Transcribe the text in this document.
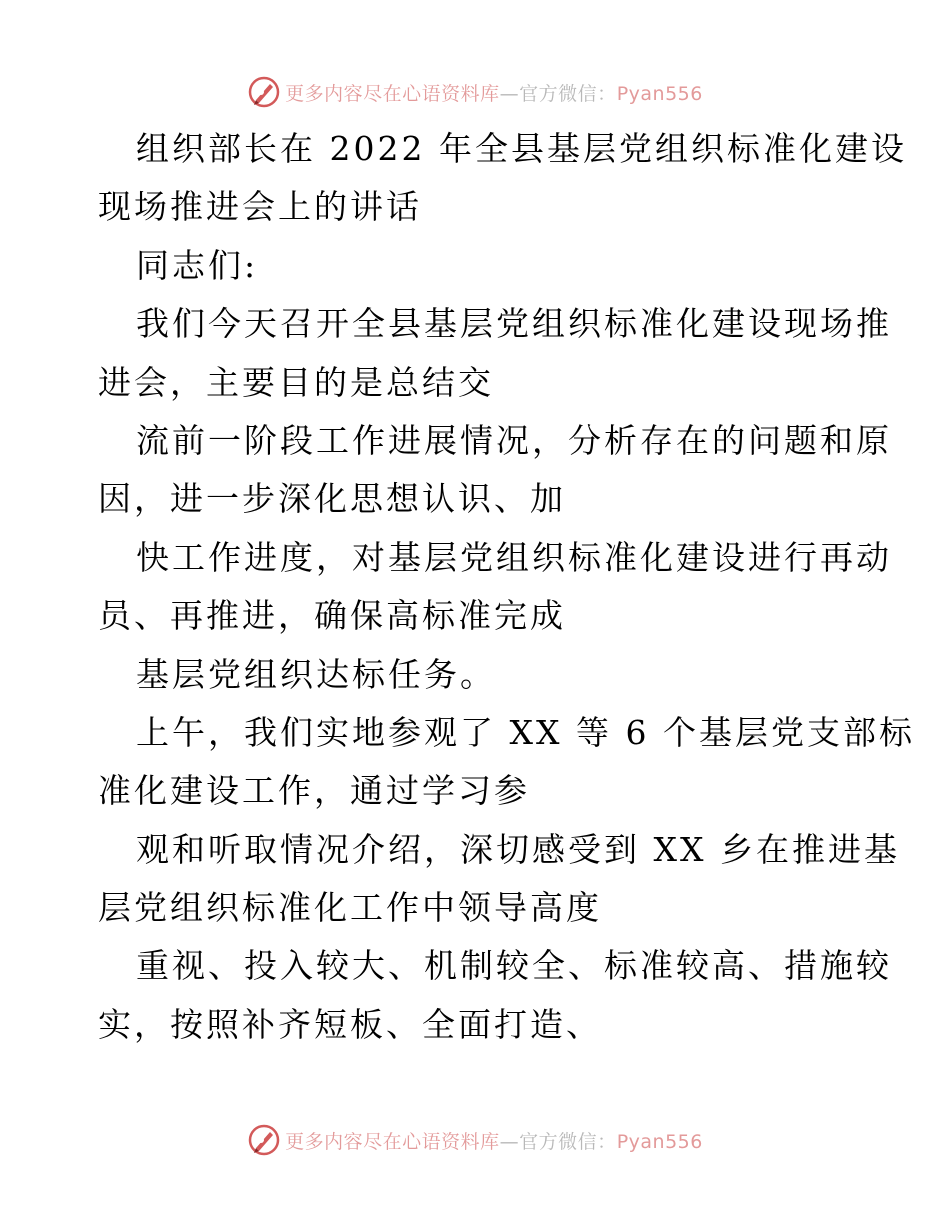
更多内容尽在心语资料库—官方微信：Pyan556
组织部长在 2022 年全县基层党组织标准化建设
现场推进会上的讲话
同志们:
我们今天召开全县基层党组织标准化建设现场推
进会，主要目的是总结交
流前一阶段工作进展情况，分析存在的问题和原
因，进一步深化思想认识、加
快工作进度，对基层党组织标准化建设进行再动
员、再推进，确保高标准完成
基层党组织达标任务。
上午，我们实地参观了 XX 等 6 个基层党支部标
准化建设工作，通过学习参
观和听取情况介绍，深切感受到 XX 乡在推进基
层党组织标准化工作中领导高度
重视、投入较大、机制较全、标准较高、措施较
实，按照补齐短板、全面打造、
更多内容尽在心语资料库—官方微信：Pyan556
